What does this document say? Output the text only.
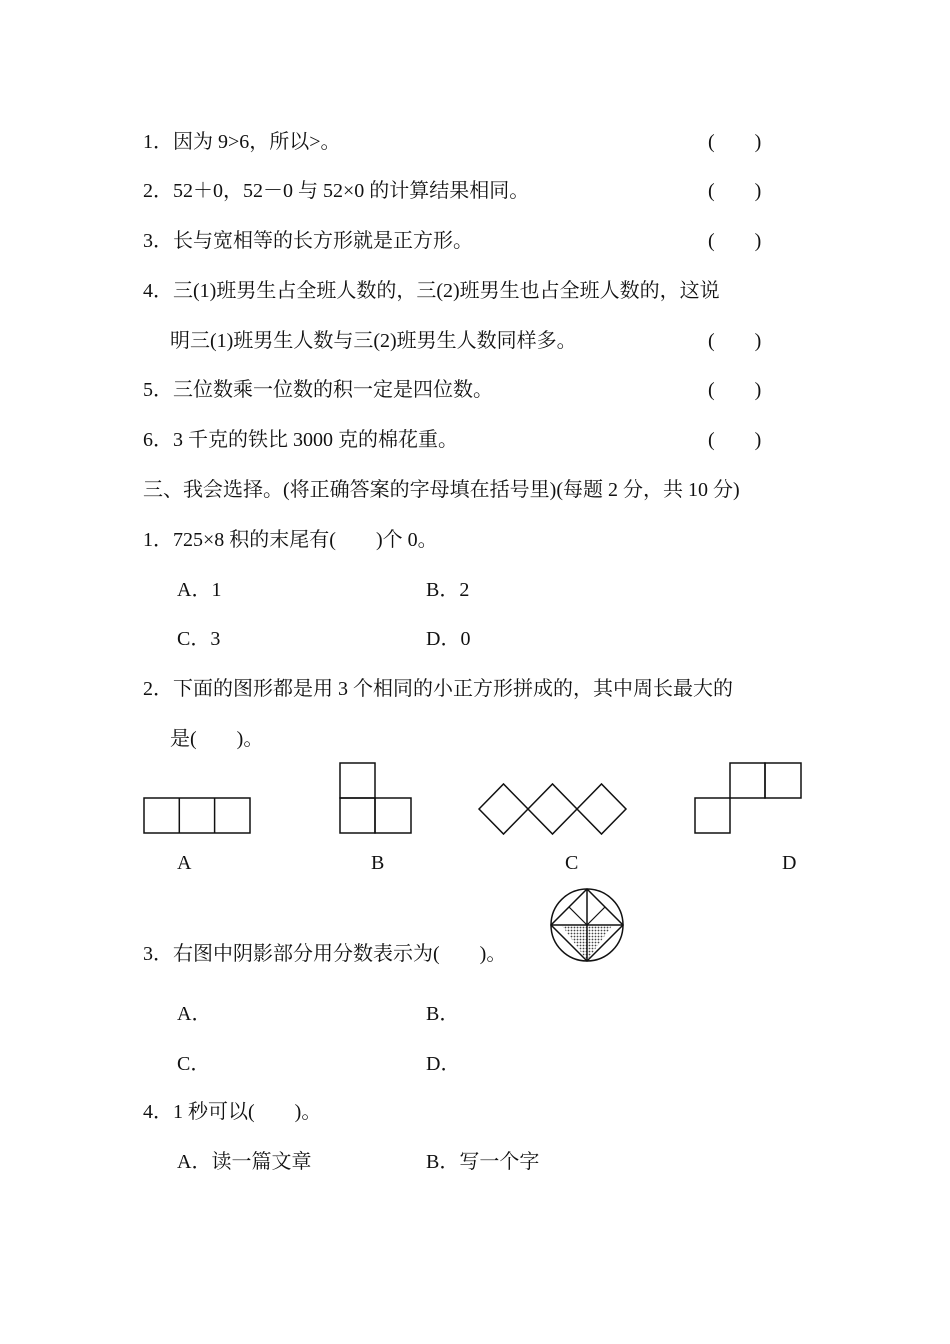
1．因为 9>6，所以>。	(　　)
2．52＋0，52－0 与 52×0 的计算结果相同。	(　　)
3．长与宽相等的长方形就是正方形。	(　　)
4．三(1)班男生占全班人数的，三(2)班男生也占全班人数的，这说
明三(1)班男生人数与三(2)班男生人数同样多。	(　　)
5．三位数乘一位数的积一定是四位数。	(　　)
6．3 千克的铁比 3000 克的棉花重。	(　　)
三、我会选择。(将正确答案的字母填在括号里)(每题 2 分，共 10 分)
1．725×8 积的末尾有(　　)个 0。
A．1	B．2
C．3	D．0
2．下面的图形都是用 3 个相同的小正方形拼成的，其中周长最大的
是(　　)。
A	B	C	D
3．右图中阴影部分用分数表示为(　　)。
A．	B．
C．	D．
4．1 秒可以(　　)。
A．读一篇文章	B．写一个字
